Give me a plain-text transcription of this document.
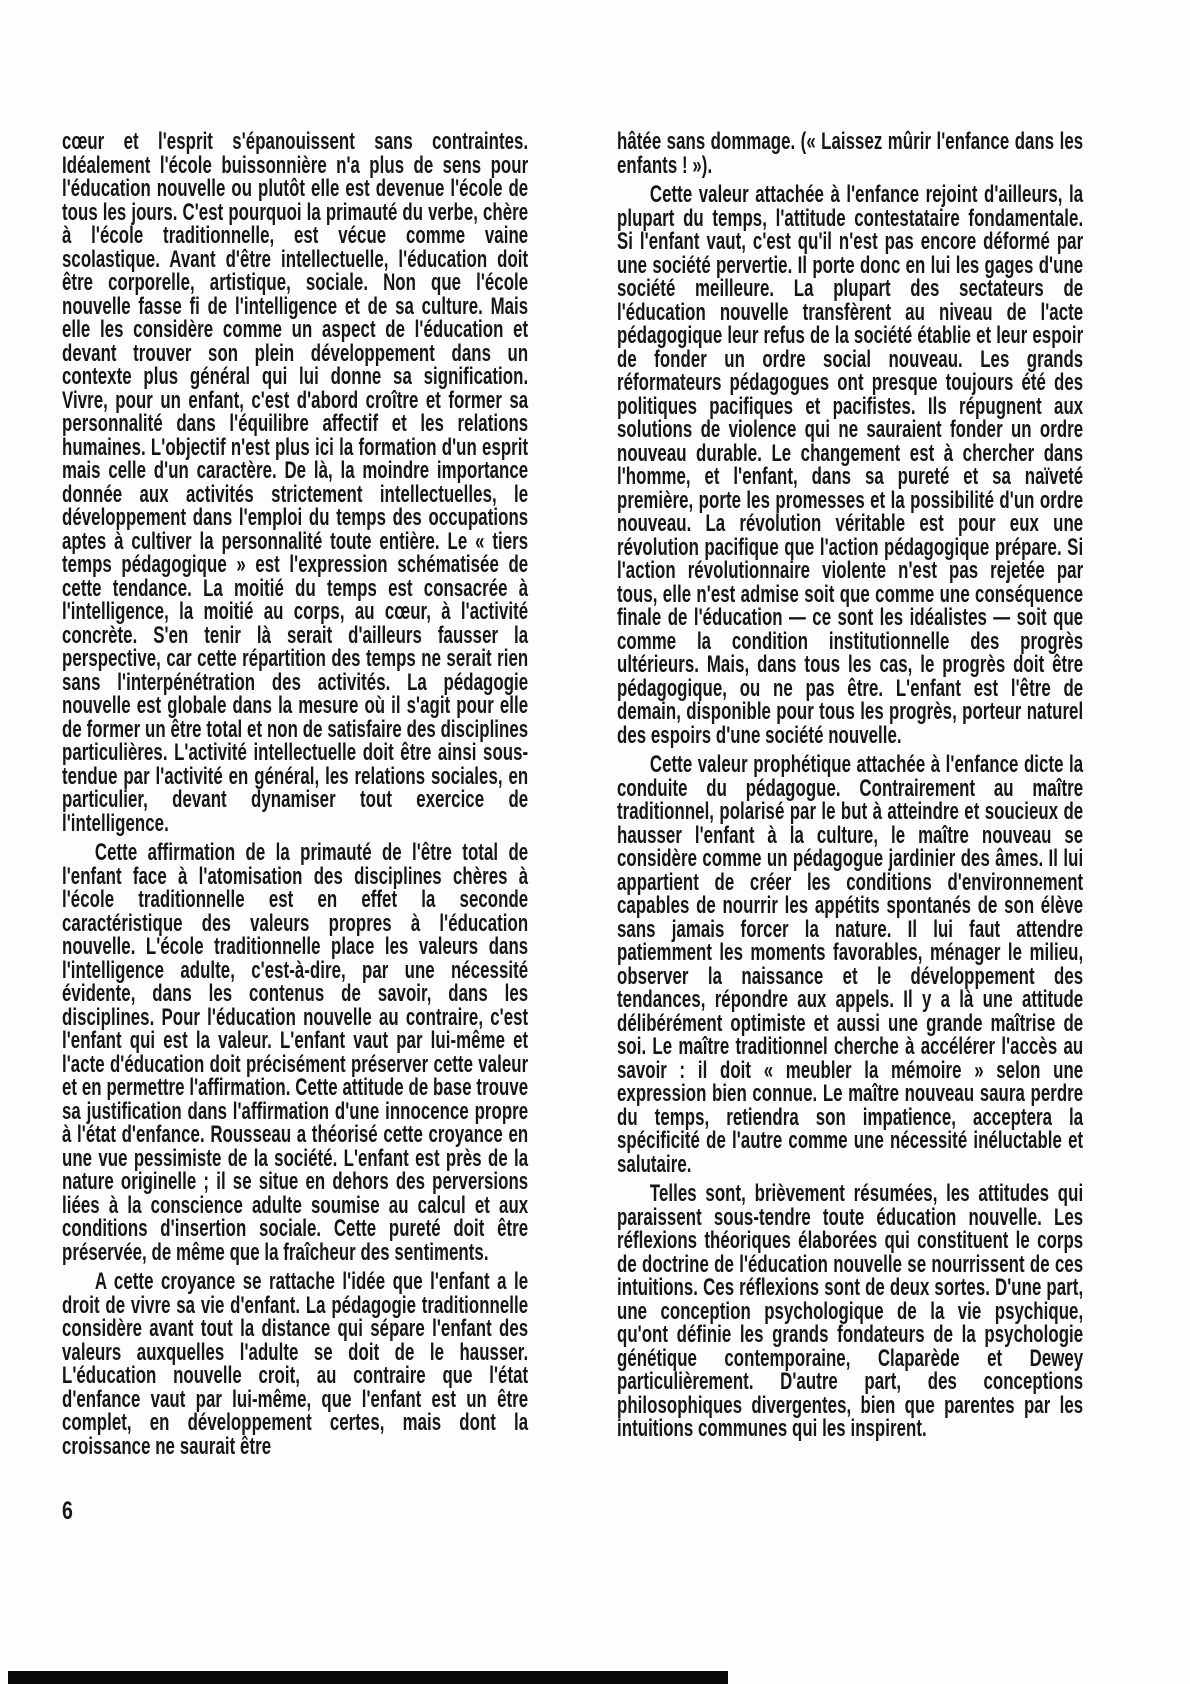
cœur et l'esprit s'épanouissent sans contraintes. Idéalement l'école buissonnière n'a plus de sens pour l'éducation nouvelle ou plutôt elle est devenue l'école de tous les jours. C'est pourquoi la primauté du verbe, chère à l'école traditionnelle, est vécue comme vaine scolastique. Avant d'être intellectuelle, l'éducation doit être corporelle, artistique, sociale. Non que l'école nouvelle fasse fi de l'intelligence et de sa culture. Mais elle les considère comme un aspect de l'éducation et devant trouver son plein développement dans un contexte plus général qui lui donne sa signification. Vivre, pour un enfant, c'est d'abord croître et former sa personnalité dans l'équilibre affectif et les relations humaines. L'objectif n'est plus ici la formation d'un esprit mais celle d'un caractère. De là, la moindre importance donnée aux activités strictement intellectuelles, le développement dans l'emploi du temps des occupations aptes à cultiver la personnalité toute entière. Le « tiers temps pédagogique » est l'expression schématisée de cette tendance. La moitié du temps est consacrée à l'intelligence, la moitié au corps, au cœur, à l'activité concrète. S'en tenir là serait d'ailleurs fausser la perspective, car cette répartition des temps ne serait rien sans l'interpénétration des activités. La pédagogie nouvelle est globale dans la mesure où il s'agit pour elle de former un être total et non de satisfaire des disciplines particulières. L'activité intellectuelle doit être ainsi sous-tendue par l'activité en général, les relations sociales, en particulier, devant dynamiser tout exercice de l'intelligence.

Cette affirmation de la primauté de l'être total de l'enfant face à l'atomisation des disciplines chères à l'école traditionnelle est en effet la seconde caractéristique des valeurs propres à l'éducation nouvelle. L'école traditionnelle place les valeurs dans l'intelligence adulte, c'est-à-dire, par une nécessité évidente, dans les contenus de savoir, dans les disciplines. Pour l'éducation nouvelle au contraire, c'est l'enfant qui est la valeur. L'enfant vaut par lui-même et l'acte d'éducation doit précisément préserver cette valeur et en permettre l'affirmation. Cette attitude de base trouve sa justification dans l'affirmation d'une innocence propre à l'état d'enfance. Rousseau a théorisé cette croyance en une vue pessimiste de la société. L'enfant est près de la nature originelle ; il se situe en dehors des perversions liées à la conscience adulte soumise au calcul et aux conditions d'insertion sociale. Cette pureté doit être préservée, de même que la fraîcheur des sentiments.

A cette croyance se rattache l'idée que l'enfant a le droit de vivre sa vie d'enfant. La pédagogie traditionnelle considère avant tout la distance qui sépare l'enfant des valeurs auxquelles l'adulte se doit de le hausser. L'éducation nouvelle croit, au contraire que l'état d'enfance vaut par lui-même, que l'enfant est un être complet, en développement certes, mais dont la croissance ne saurait être

hâtée sans dommage. (« Laissez mûrir l'enfance dans les enfants ! »).

Cette valeur attachée à l'enfance rejoint d'ailleurs, la plupart du temps, l'attitude contestataire fondamentale. Si l'enfant vaut, c'est qu'il n'est pas encore déformé par une société pervertie. Il porte donc en lui les gages d'une société meilleure. La plupart des sectateurs de l'éducation nouvelle transfèrent au niveau de l'acte pédagogique leur refus de la société établie et leur espoir de fonder un ordre social nouveau. Les grands réformateurs pédagogues ont presque toujours été des politiques pacifiques et pacifistes. Ils répugnent aux solutions de violence qui ne sauraient fonder un ordre nouveau durable. Le changement est à chercher dans l'homme, et l'enfant, dans sa pureté et sa naïveté première, porte les promesses et la possibilité d'un ordre nouveau. La révolution véritable est pour eux une révolution pacifique que l'action pédagogique prépare. Si l'action révolutionnaire violente n'est pas rejetée par tous, elle n'est admise soit que comme une conséquence finale de l'éducation — ce sont les idéalistes — soit que comme la condition institutionnelle des progrès ultérieurs. Mais, dans tous les cas, le progrès doit être pédagogique, ou ne pas être. L'enfant est l'être de demain, disponible pour tous les progrès, porteur naturel des espoirs d'une société nouvelle.

Cette valeur prophétique attachée à l'enfance dicte la conduite du pédagogue. Contrairement au maître traditionnel, polarisé par le but à atteindre et soucieux de hausser l'enfant à la culture, le maître nouveau se considère comme un pédagogue jardinier des âmes. Il lui appartient de créer les conditions d'environnement capables de nourrir les appétits spontanés de son élève sans jamais forcer la nature. Il lui faut attendre patiemment les moments favorables, ménager le milieu, observer la naissance et le développement des tendances, répondre aux appels. Il y a là une attitude délibérément optimiste et aussi une grande maîtrise de soi. Le maître traditionnel cherche à accélérer l'accès au savoir : il doit « meubler la mémoire » selon une expression bien connue. Le maître nouveau saura perdre du temps, retiendra son impatience, acceptera la spécificité de l'autre comme une nécessité inéluctable et salutaire.

Telles sont, brièvement résumées, les attitudes qui paraissent sous-tendre toute éducation nouvelle. Les réflexions théoriques élaborées qui constituent le corps de doctrine de l'éducation nouvelle se nourrissent de ces intuitions. Ces réflexions sont de deux sortes. D'une part, une conception psychologique de la vie psychique, qu'ont définie les grands fondateurs de la psychologie génétique contemporaine, Claparède et Dewey particulièrement. D'autre part, des conceptions philosophiques divergentes, bien que parentes par les intuitions communes qui les inspirent.

6
